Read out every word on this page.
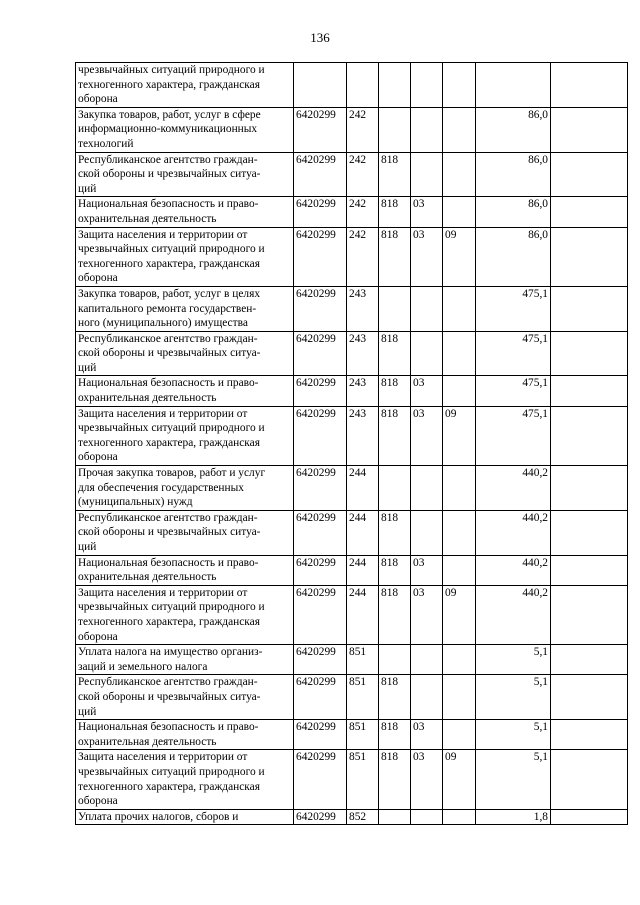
136
чрезвычайных ситуаций природного и
техногенного характера, гражданская
оборона							

Закупка товаров, работ, услуг в сфере
информационно-коммуникационных
технологий	6420299	242				86,0	

Республиканское агентство граждан-
ской обороны и чрезвычайных ситуа-
ций	6420299	242	818			86,0	

Национальная безопасность и право-
охранительная деятельность	6420299	242	818	03		86,0	

Защита населения и территории от
чрезвычайных ситуаций природного и
техногенного характера, гражданская
оборона	6420299	242	818	03	09	86,0	

Закупка товаров, работ, услуг в целях
капитального ремонта государствен-
ного (муниципального) имущества	6420299	243				475,1	

Республиканское агентство граждан-
ской обороны и чрезвычайных ситуа-
ций	6420299	243	818			475,1	

Национальная безопасность и право-
охранительная деятельность	6420299	243	818	03		475,1	

Защита населения и территории от
чрезвычайных ситуаций природного и
техногенного характера, гражданская
оборона	6420299	243	818	03	09	475,1	

Прочая закупка товаров, работ и услуг
для обеспечения государственных
(муниципальных) нужд	6420299	244				440,2	

Республиканское агентство граждан-
ской обороны и чрезвычайных ситуа-
ций	6420299	244	818			440,2	

Национальная безопасность и право-
охранительная деятельность	6420299	244	818	03		440,2	

Защита населения и территории от
чрезвычайных ситуаций природного и
техногенного характера, гражданская
оборона	6420299	244	818	03	09	440,2	

Уплата налога на имущество организ-
заций и земельного налога	6420299	851				5,1	

Республиканское агентство граждан-
ской обороны и чрезвычайных ситуа-
ций	6420299	851	818			5,1	

Национальная безопасность и право-
охранительная деятельность	6420299	851	818	03		5,1	

Защита населения и территории от
чрезвычайных ситуаций природного и
техногенного характера, гражданская
оборона	6420299	851	818	03	09	5,1	

Уплата прочих налогов, сборов и	6420299	852				1,8	
